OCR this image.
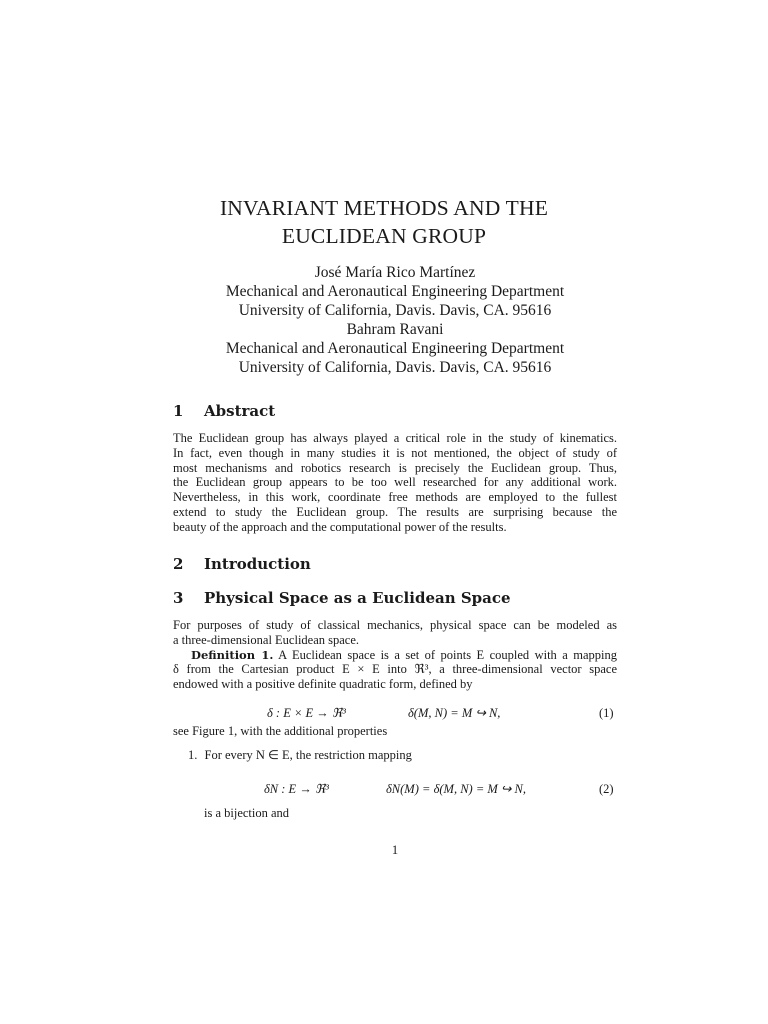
INVARIANT METHODS AND THE
EUCLIDEAN GROUP
José María Rico Martínez
Mechanical and Aeronautical Engineering Department
University of California, Davis. Davis, CA. 95616
Bahram Ravani
Mechanical and Aeronautical Engineering Department
University of California, Davis. Davis, CA. 95616
1 Abstract
The Euclidean group has always played a critical role in the study of kinematics.
In fact, even though in many studies it is not mentioned, the object of study of
most mechanisms and robotics research is precisely the Euclidean group. Thus,
the Euclidean group appears to be too well researched for any additional work.
Nevertheless, in this work, coordinate free methods are employed to the fullest
extend to study the Euclidean group. The results are surprising because the
beauty of the approach and the computational power of the results.
2 Introduction
3 Physical Space as a Euclidean Space
For purposes of study of classical mechanics, physical space can be modeled as
a three-dimensional Euclidean space.
Definition 1. A Euclidean space is a set of points E coupled with a mapping
δ from the Cartesian product E × E into ℜ³, a three-dimensional vector space
endowed with a positive definite quadratic form, defined by
δ : E × E → ℜ³	δ(M, N) = M ↪ N,	(1)
see Figure 1, with the additional properties
1. For every N ∈ E, the restriction mapping
δN : E → ℜ³	δN(M) = δ(M, N) = M ↪ N,	(2)
is a bijection and
1
